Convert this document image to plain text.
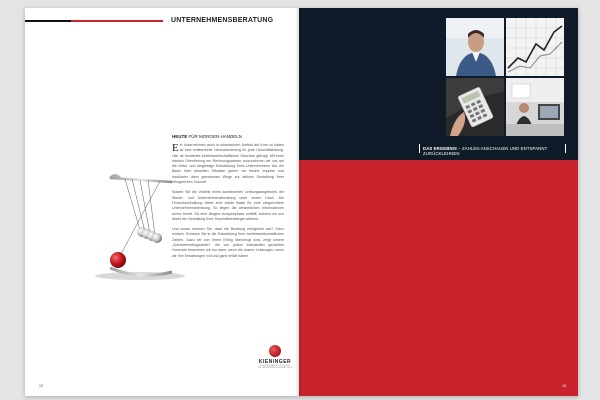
UNTERNEHMENSBERATUNG
HEUTE FÜR MORGEN HANDELN

Ein Unternehmen auch in stürmischem Umfeld auf Kurs zu halten ist eine existenzielle Herausforderung für jede Geschäftsleitung. Hier ist fundiertes betriebswirtschaftliches Geschick gefragt. Mit einer starken Orientierung am Rechnungswesen vorzunehmen wir uns auf die mittel- und langfristige Entwicklung Ihres Unternehmens. Auf der Basis Ihrer aktuellen Situation geben wir frische Impulse und strukturier dann gemeinsam Wege zur aktiven Gestaltung Ihrer erfolgreichen Zukunft.

Nutzen Sie die Vorteile eines kombinierten Leistungsangebotes der Steuer- und Unternehmensberatung unter einem Dach. Die Finanzbuchhaltung bietet eine solide Basis für eine zielgerichtete Unternehmensberatung. So liegen die wesentlichen Informationen schon bereit. Da eine längere Analysephase entfällt, können wir uns direkt der Gestaltung Ihrer Geschäftsstrategie widmen.

Und woran messen Sie, dass die Beratung erfolgreich war? Ganz einfach. Schauen Sie in die Entwicklung Ihrer betriebswirtschaftlichen Zahlen. Dazu wir von Ihrem Erfolg überzeugt sind, zeigt unsere „Zufriedenheitsgarantie“: die von jedem Mandanten gezahlten Honorare berechnen wir nur dann, wenn die unsere Leistungen, wenn wir Ihre Erwartungen voll und ganz erfüllt haben.

KIENINGER
STEUERBERATUNG UND UNTERNEHMENSBERATUNG
12
DAS ERGEBNIS – ZAHLEN ANSCHAUEN UND ENTSPANNT ZURÜCKLEHNEN
13
